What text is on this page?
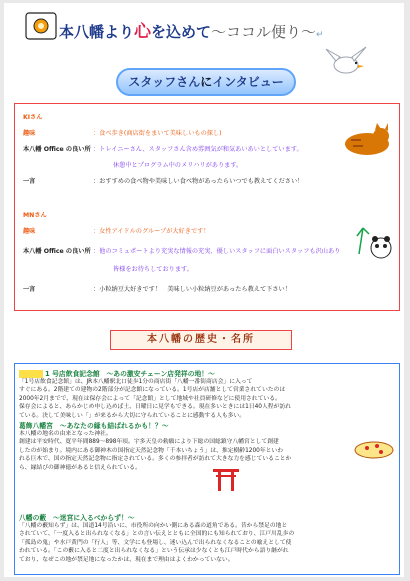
本八幡より心を込めて〜ココル便り〜↵
スタッフさんにインタビュー
KIさん
趣味	：食べ歩き(商店街をまいて美味しいもの探し)
本八幡 Office の良い所 ：トレイニーさん、スタッフさん含め雰囲気が和気あいあいとしています。
休憩中とプログラム中のメリハリがあります。
一言	：おすすめの食べ物や美味しい食べ物があったらいつでも教えてください！
MNさん
趣味	：女性アイドルのグループが大好きです！
本八幡 Office の良い所 ：他のコミュポートより充実な情報の充実、優しいスタッフに面白いスタッフも沢山あり
皆様をお待ちしております。
一言	：小粒納豆大好きです！　美味しい小粒納豆があったら教えて下さい！
本八幡の歴史・名所
1 号店飲食記念館　〜あの激安チェーン店発祥の地！〜
「1号店飲食記念館」は、JR本八幡駅北口徒歩1分の商店街「八幡一番街商店会」に入って
すぐにある。2階建ての建物の2階部分が記念館になっている。1号店が店舗として営業されていたのは
2000年2月までで、現在は保存会によって「記念館」として地域や社員研修などに使用されている。
保存会によると、あらかじめ申し込めば土、日曜日に見学もできる。現在多いときには1日40人程が訪れ
ている。決して美味しい「」が来るから大切に守られていることに感動する人も多い。
葛飾八幡宮　〜あなたの縁も結ばれるかも！？〜
本八幡の地名の由来となった神社。
創建は平安時代、寛平年間889〜898年頃。宇多天皇の勅願により下総の国総鎮守八幡宮として創建
したのが始まり。境内にある御神木の国指定天然記念物「千本いちょう」は、推定樹齢1200年といわ
れる巨木で、国の指定天然記念物に指定されている。多くの参拝者が訪れて大きな力を感じていることか
ら、縁結びの御神徳があると信えられている。
八幡の藪　〜迷宮に入るべからず！〜
「八幡の藪知らず」は、国道14号沿いに、市役所の向かい側にある森の道角である。昔から禁足の地と
されていて、「一度入ると出られなくなる」との言い伝えとともに全国的にも知られており、江戸川乱歩の
「孤島の鬼」や水戸黄門の「行人」等、文学にも登場し、迷い込んで出られなくなることの喩えとして使
われている。「この藪に入ると二度と出られなくなる」という伝承は少なくとも江戸時代から語り継がれ
ており、なぜこの地が禁足地になったかは、現在まで理由はよくわかっていない。
